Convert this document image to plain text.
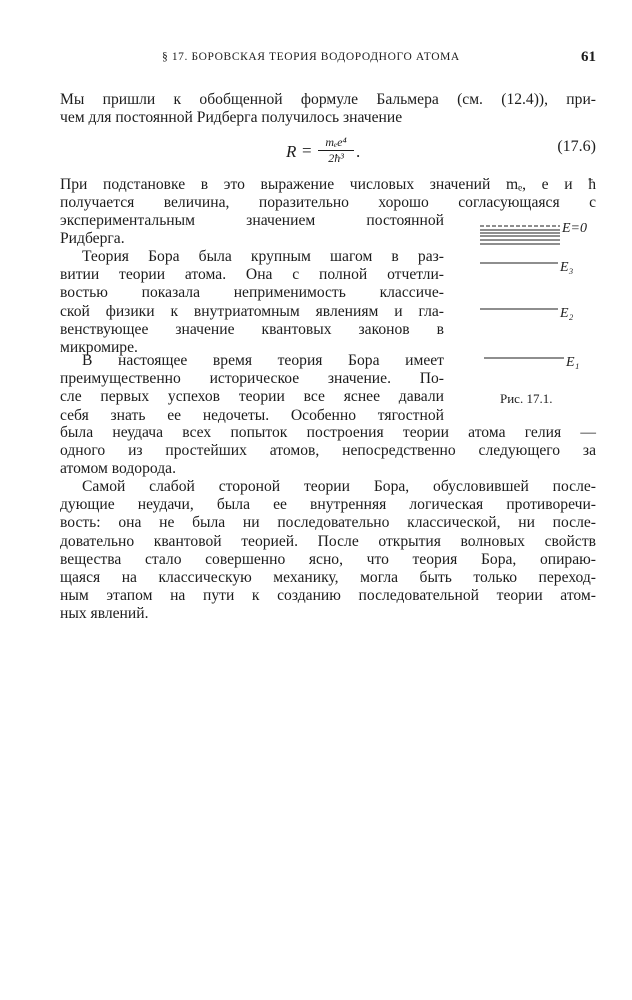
§ 17. БОРОВСКАЯ ТЕОРИЯ ВОДОРОДНОГО АТОМА	61

Мы пришли к обобщенной формуле Бальмера (см. (12.4)), при-

чем для постоянной Ридберга получилось значение

R =	mₑe⁴
2ħ³ .	(17.6)

При подстановке в это выражение числовых значений mₑ, e и ħ

получается величина, поразительно хорошо согласующаяся с

экспериментальным значением постоянной

Ридберга.

Теория Бора была крупным шагом в раз-

витии теории атома. Она с полной отчетли-

востью показала неприменимость классиче-

ской физики к внутриатомным явлениям и гла-

венствующее значение квантовых законов в

микромире.

В настоящее время теория Бора имеет

преимущественно историческое значение. По-

сле первых успехов теории все яснее давали

себя знать ее недочеты. Особенно тягостной

была неудача всех попыток построения теории атома гелия —

одного из простейших атомов, непосредственно следующего за

атомом водорода.

Самой слабой стороной теории Бора, обусловившей после-

дующие неудачи, была ее внутренняя логическая противоречи-

вость: она не была ни последовательно классической, ни после-

довательно квантовой теорией. После открытия волновых свойств

вещества стало совершенно ясно, что теория Бора, опираю-

щаяся на классическую механику, могла быть только переход-

ным этапом на пути к созданию последовательной теории атом-

ных явлений.

E=0
E₃
E₂
E₁
Рис. 17.1.
